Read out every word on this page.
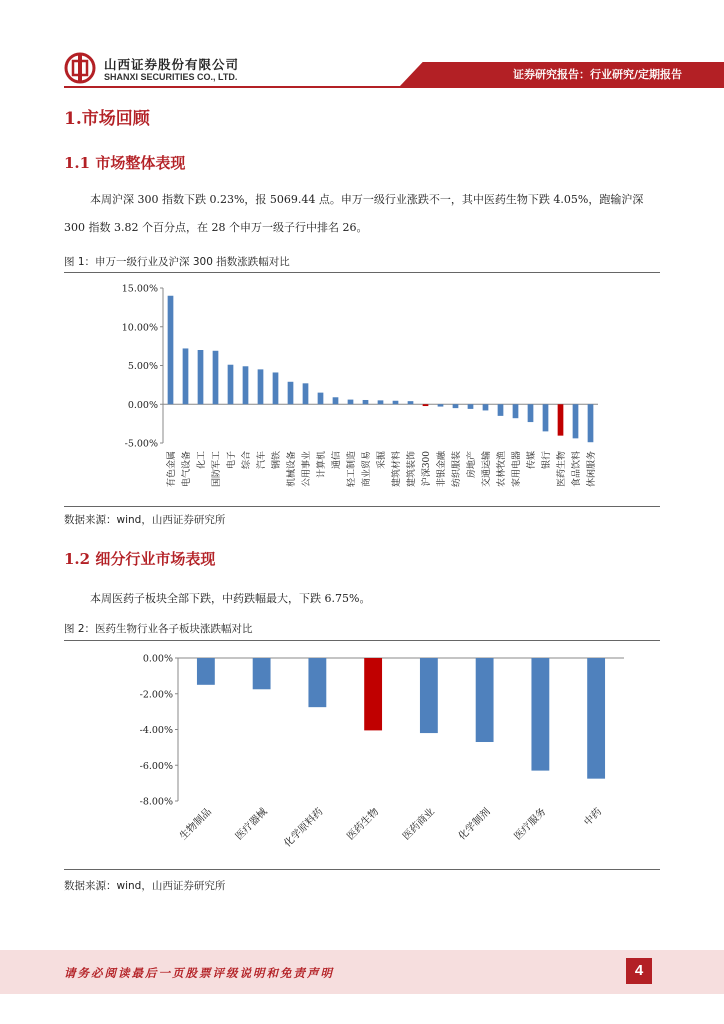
山西证券股份有限公司
SHANXI SECURITIES CO., LTD.	证券研究报告：行业研究/定期报告
1.市场回顾
1.1 市场整体表现
本周沪深 300 指数下跌 0.23%，报 5069.44 点。申万一级行业涨跌不一，其中医药生物下跌 4.05%，跑输沪深 300 指数 3.82 个百分点，在 28 个申万一级子行中排名 26。
图 1：申万一级行业及沪深 300 指数涨跌幅对比
15.00%
10.00%
5.00%
0.00%
-5.00%
有色金属 电气设备 化工 国防军工 电子 综合 汽车 钢铁 机械设备 公用事业 计算机 通信 轻工制造 商业贸易 采掘 建筑材料 建筑装饰 沪深300 非银金融 纺织服装 房地产 交通运输 农林牧渔 家用电器 传媒 银行 医药生物 食品饮料 休闲服务
数据来源：wind，山西证券研究所
1.2 细分行业市场表现
本周医药子板块全部下跌，中药跌幅最大，下跌 6.75%。
图 2：医药生物行业各子板块涨跌幅对比
0.00%
-2.00%
-4.00%
-6.00%
-8.00%
生物制品 医疗器械 化学原料药 医药生物 医药商业 化学制剂 医疗服务	中药
数据来源：wind，山西证券研究所
请务必阅读最后一页股票评级说明和免责声明	4
